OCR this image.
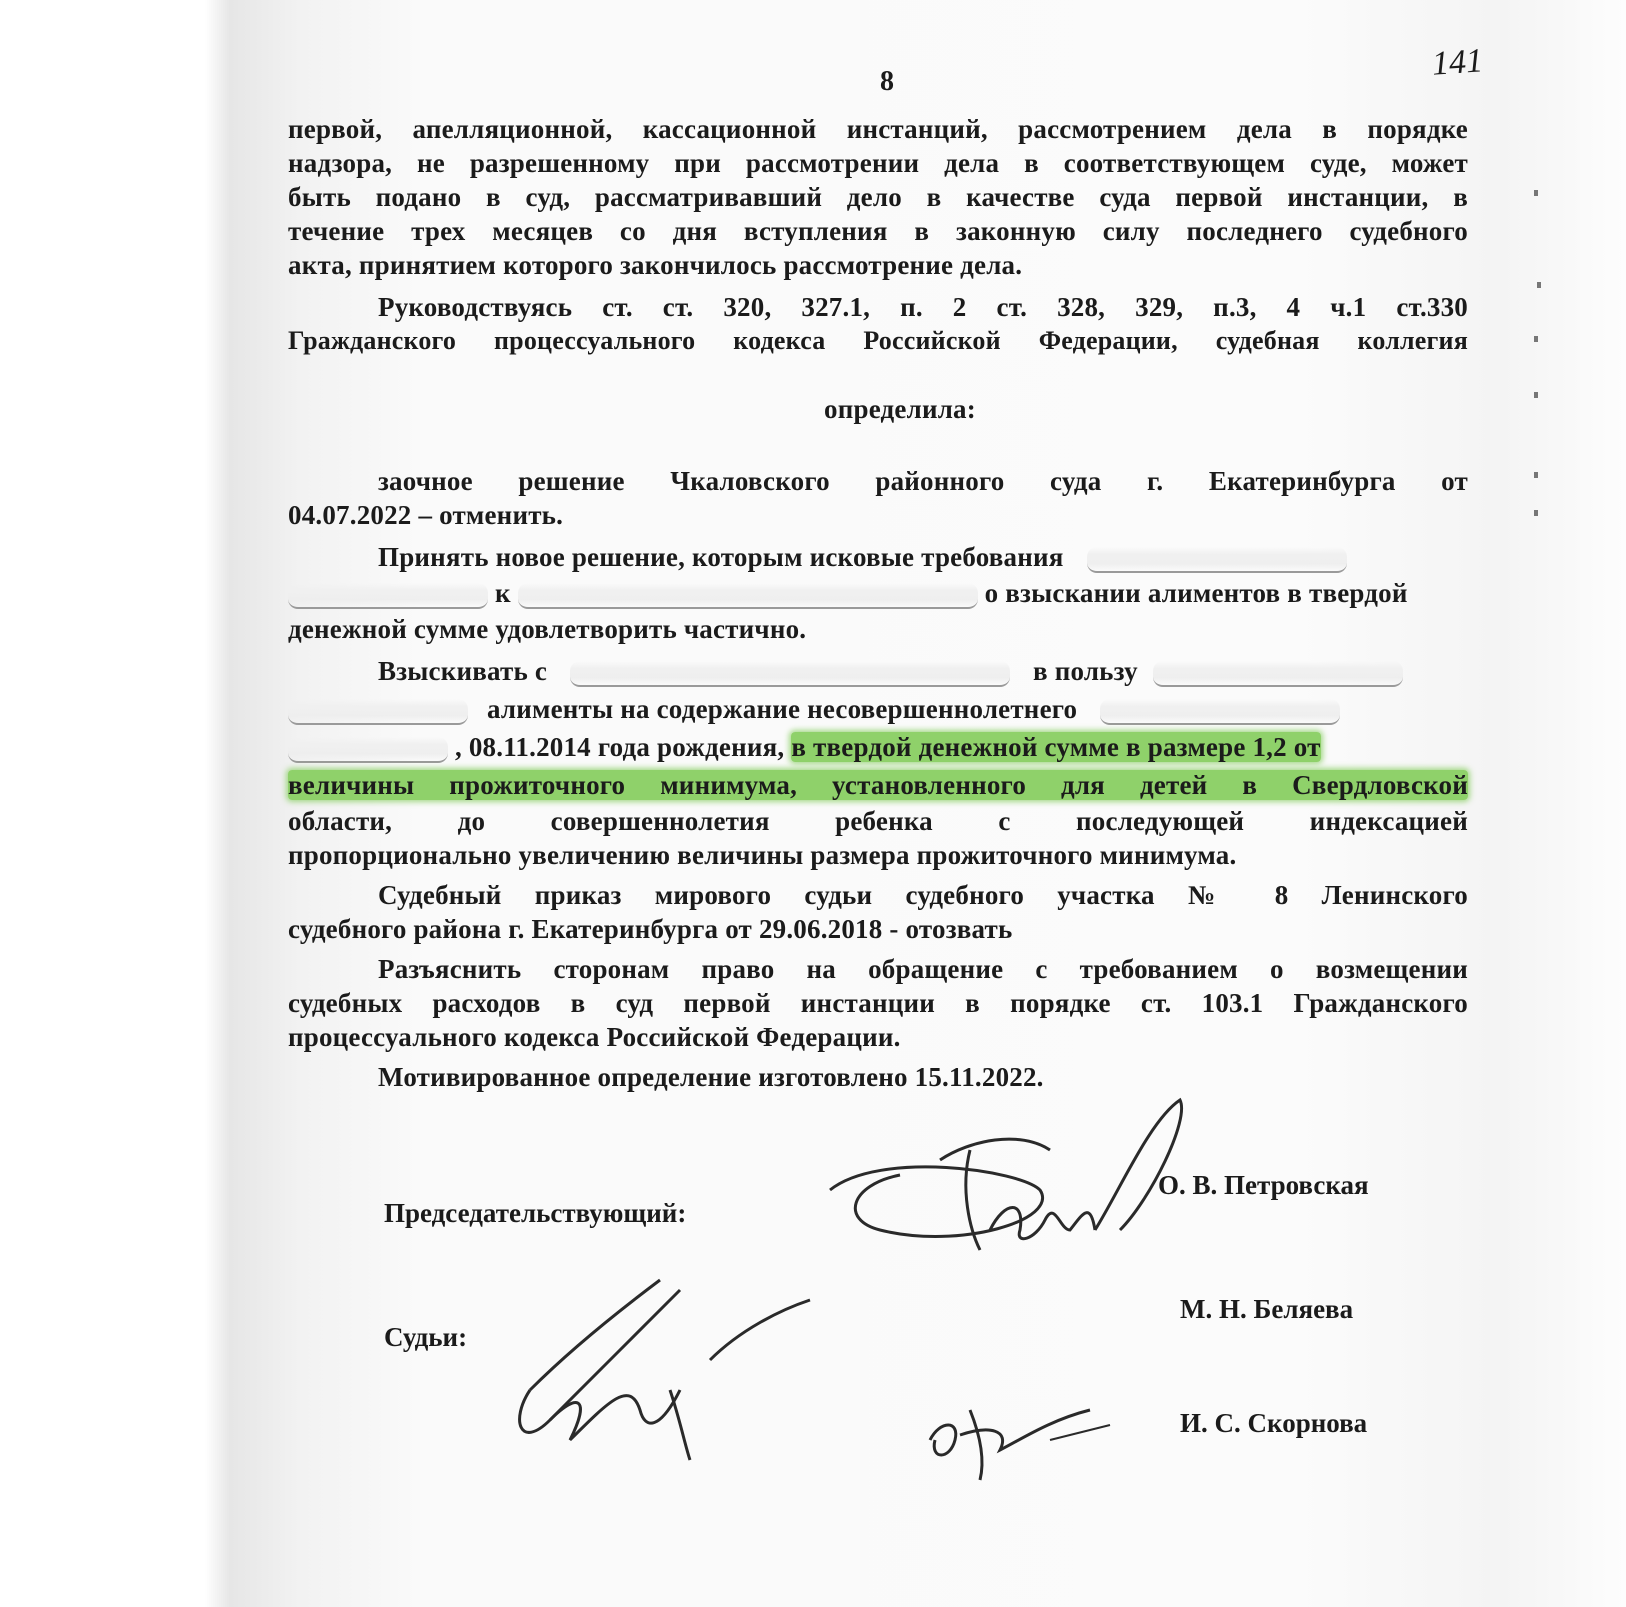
8	141
первой, апелляционной, кассационной инстанций, рассмотрением дела в порядке
надзора, не разрешенному при рассмотрении дела в соответствующем суде, может
быть подано в суд, рассматривавший дело в качестве суда первой инстанции, в
течение трех месяцев со дня вступления в законную силу последнего судебного
акта, принятием которого закончилось рассмотрение дела.
Руководствуясь ст. ст. 320, 327.1, п. 2 ст. 328, 329, п.3, 4 ч.1 ст.330
Гражданского процессуального кодекса Российской Федерации, судебная коллегия
определила:
заочное решение Чкаловского районного суда г. Екатеринбурга от
04.07.2022 – отменить.
Принять новое решение, которым исковые требования
к	о взыскании алиментов в твердой
денежной сумме удовлетворить частично.
Взыскивать с	в пользу
алименты на содержание несовершеннолетнего
, 08.11.2014 года рождения, в твердой денежной сумме в размере 1,2 от
величины прожиточного минимума, установленного для детей в Свердловской
области, до совершеннолетия ребенка с последующей индексацией
пропорционально увеличению величины размера прожиточного минимума.
Судебный приказ мирового судьи судебного участка № 8 Ленинского
судебного района г. Екатеринбурга от 29.06.2018 - отозвать
Разъяснить сторонам право на обращение с требованием о возмещении
судебных расходов в суд первой инстанции в порядке ст. 103.1 Гражданского
процессуального кодекса Российской Федерации.
Мотивированное определение изготовлено 15.11.2022.
Председательствующий:
О. В. Петровская
Судьи:
М. Н. Беляева
И. С. Скорнова
